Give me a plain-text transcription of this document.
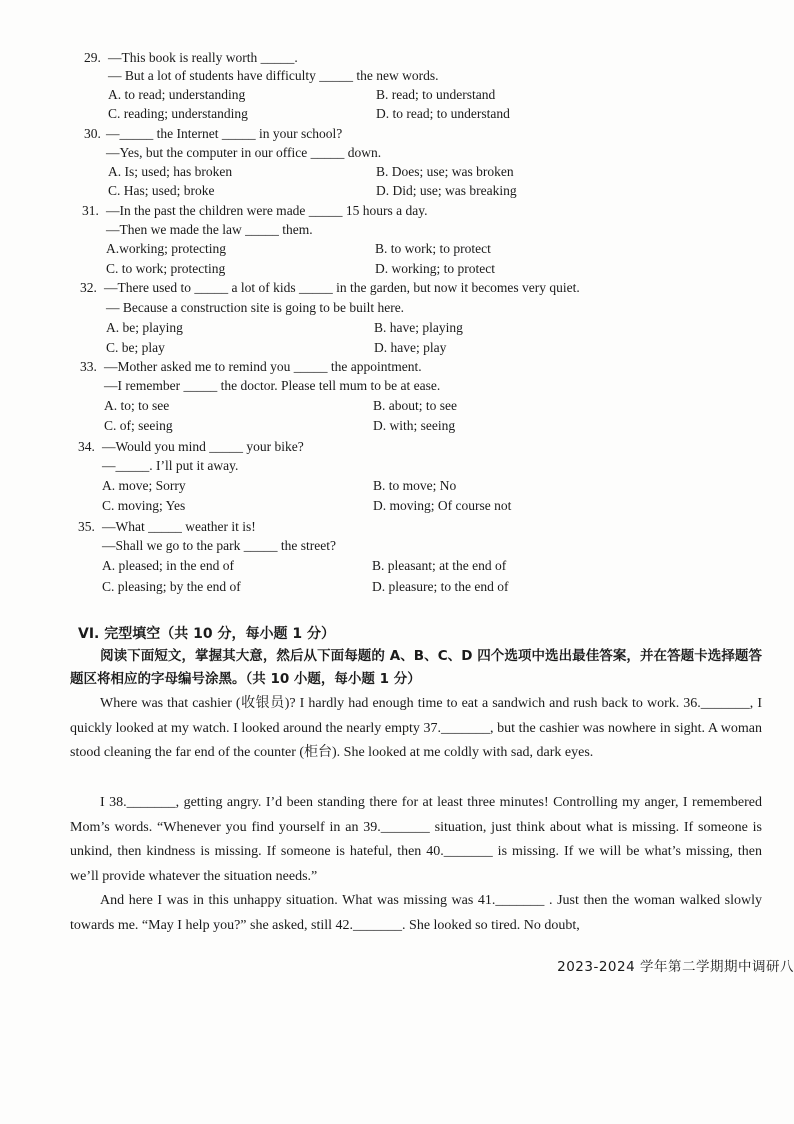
29. —This book is really worth _____.
— But a lot of students have difficulty _____ the new words.
A. to read; understanding	B. read; to understand
C. reading; understanding	D. to read; to understand
30. —_____ the Internet _____ in your school?
—Yes, but the computer in our office _____ down.
A. Is; used; has broken	B. Does; use; was broken
C. Has; used; broke	D. Did; use; was breaking
31. —In the past the children were made _____ 15 hours a day.
—Then we made the law _____ them.
A.working; protecting	B. to work; to protect
C. to work; protecting	D. working; to protect
32. —There used to _____ a lot of kids _____ in the garden, but now it becomes very quiet.
— Because a construction site is going to be built here.
A. be; playing	B. have; playing
C. be; play	D. have; play
33. —Mother asked me to remind you _____ the appointment.
—I remember _____ the doctor. Please tell mum to be at ease.
A. to; to see	B. about; to see
C. of; seeing	D. with; seeing
34. —Would you mind _____ your bike?
—_____. I’ll put it away.
A. move; Sorry	B. to move; No
C. moving; Yes	D. moving; Of course not
35. —What _____ weather it is!
—Shall we go to the park _____ the street?
A. pleased; in the end of	B. pleasant; at the end of
C. pleasing; by the end of	D. pleasure; to the end of
VI. 完型填空（共 10 分，每小题 1 分）
阅读下面短文，掌握其大意，然后从下面每题的 A、B、C、D 四个选项中选出最佳答案，并在答题卡选择题答题区将相应的字母编号涂黑。（共 10 小题，每小题 1 分）
Where was that cashier (收银员)? I hardly had enough time to eat a sandwich and rush back to work. 36._______, I quickly looked at my watch. I looked around the nearly empty 37._______, but the cashier was nowhere in sight. A woman stood cleaning the far end of the counter (柜台). She looked at me coldly with sad, dark eyes.
I 38._______, getting angry. I’d been standing there for at least three minutes! Controlling my anger, I remembered Mom’s words. “Whenever you find yourself in an 39._______ situation, just think about what is missing. If someone is unkind, then kindness is missing. If someone is hateful, then 40._______ is missing. If we will be what’s missing, then we’ll provide whatever the situation needs.”
And here I was in this unhappy situation. What was missing was 41._______ . Just then the woman walked slowly towards me. “May I help you?” she asked, still 42._______. She looked so tired. No doubt,
2023-2024 学年第二学期期中调研八
